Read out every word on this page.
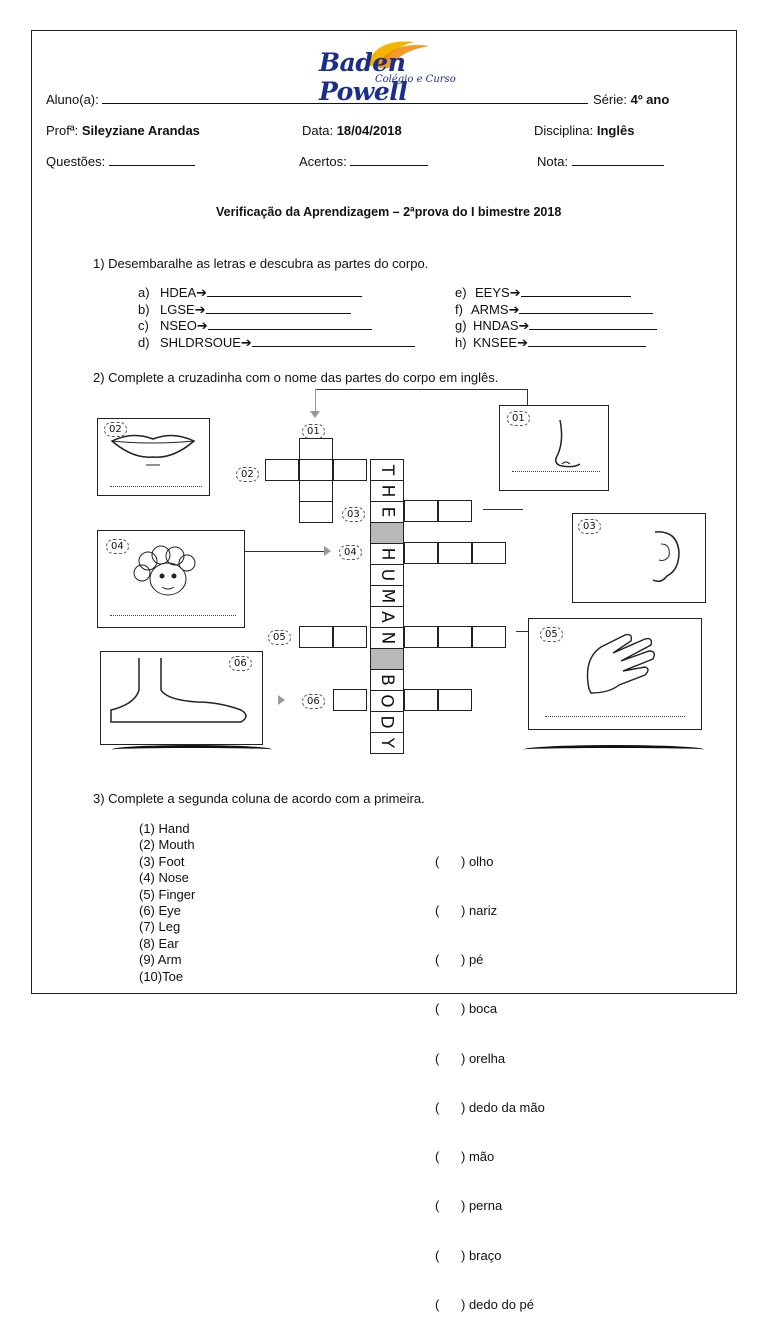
Baden Powell
Colégio e Curso
Aluno(a):	Série: 4º ano
Profª: Sileyziane Arandas	Data: 18/04/2018	Disciplina: Inglês
Questões:	Acertos:	Nota:
Verificação da Aprendizagem – 2ªprova do I bimestre 2018
1) Desembaralhe as letras e descubra as partes do corpo.
a) HDEA➔
b) LGSE➔
c) NSEO➔
d) SHLDRSOUE➔
e) EEYS➔
f) ARMS➔
g) HNDAS➔
h) KNSEE➔
2) Complete a cruzadinha com o nome das partes do corpo em inglês.
01
02
03
04
05
06
T
H
E
H
U
M
A
N
B
O
D
Y
06
02
01
04
03
05
3) Complete a segunda coluna de acordo com a primeira.
(1) Hand
(2) Mouth
(3) Foot
(4) Nose
(5) Finger
(6) Eye
(7) Leg
(8) Ear
(9) Arm
(10)Toe

(      ) olho

(      ) nariz

(      ) pé

(      ) boca

(      ) orelha

(      ) dedo da mão

(      ) mão

(      ) perna

(      ) braço

(      ) dedo do pé
